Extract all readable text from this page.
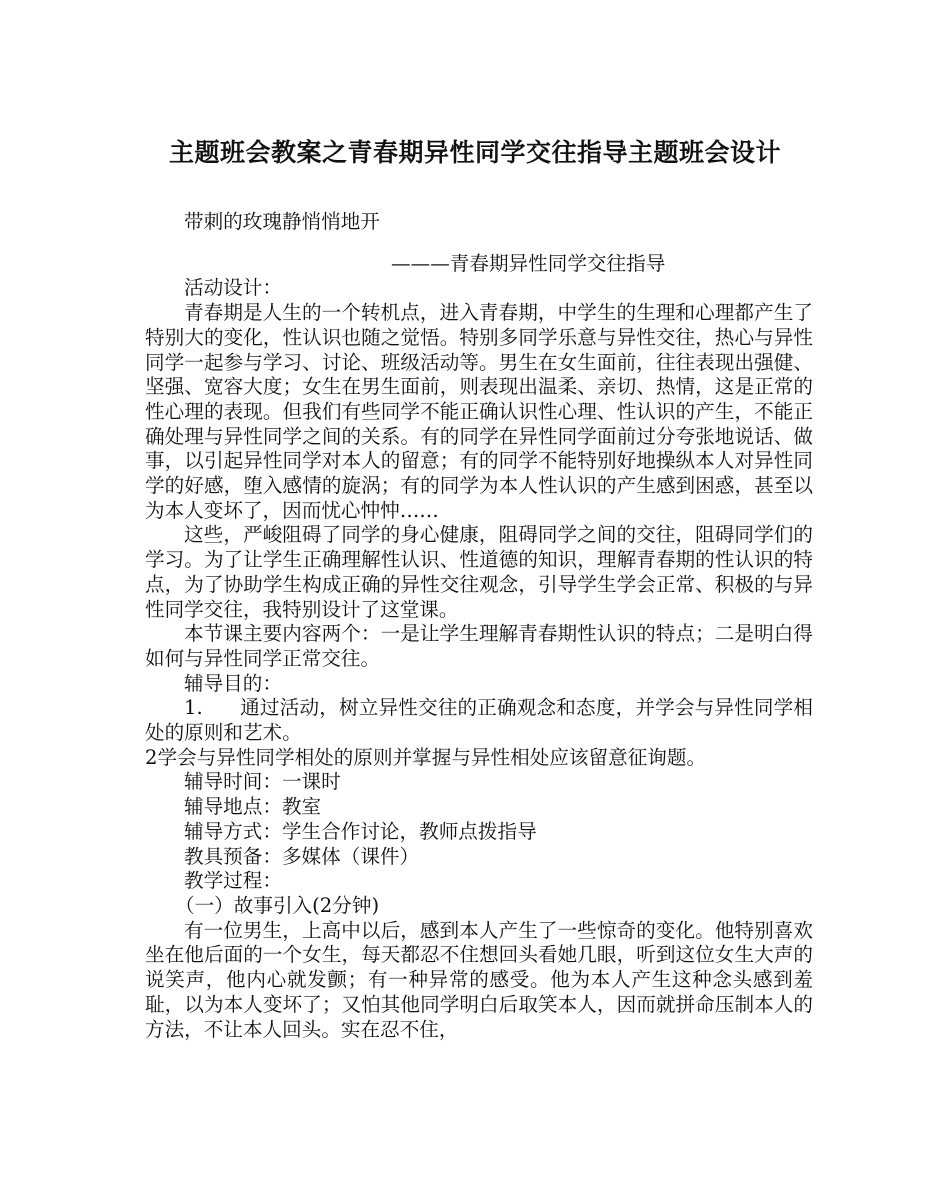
主题班会教案之青春期异性同学交往指导主题班会设计

带刺的玫瑰静悄悄地开

———青春期异性同学交往指导

活动设计：

青春期是人生的一个转机点，进入青春期，中学生的生理和心理都产生了特别大的变化，性认识也随之觉悟。特别多同学乐意与异性交往，热心与异性同学一起参与学习、讨论、班级活动等。男生在女生面前，往往表现出强健、坚强、宽容大度；女生在男生面前，则表现出温柔、亲切、热情，这是正常的性心理的表现。但我们有些同学不能正确认识性心理、性认识的产生，不能正确处理与异性同学之间的关系。有的同学在异性同学面前过分夸张地说话、做事，以引起异性同学对本人的留意；有的同学不能特别好地操纵本人对异性同学的好感，堕入感情的旋涡；有的同学为本人性认识的产生感到困惑，甚至以为本人变坏了，因而忧心忡忡……

这些，严峻阻碍了同学的身心健康，阻碍同学之间的交往，阻碍同学们的学习。为了让学生正确理解性认识、性道德的知识，理解青春期的性认识的特点，为了协助学生构成正确的异性交往观念，引导学生学会正常、积极的与异性同学交往，我特别设计了这堂课。

本节课主要内容两个：一是让学生理解青春期性认识的特点；二是明白得如何与异性同学正常交往。

辅导目的：

1. 通过活动，树立异性交往的正确观念和态度，并学会与异性同学相处的原则和艺术。

2学会与异性同学相处的原则并掌握与异性相处应该留意征询题。

辅导时间：一课时

辅导地点：教室

辅导方式：学生合作讨论，教师点拨指导

教具预备：多媒体（课件）

教学过程：

（一）故事引入(2分钟)

有一位男生，上高中以后，感到本人产生了一些惊奇的变化。他特别喜欢坐在他后面的一个女生，每天都忍不住想回头看她几眼，听到这位女生大声的说笑声，他内心就发颤；有一种异常的感受。他为本人产生这种念头感到羞耻，以为本人变坏了；又怕其他同学明白后取笑本人，因而就拼命压制本人的方法，不让本人回头。实在忍不住，
